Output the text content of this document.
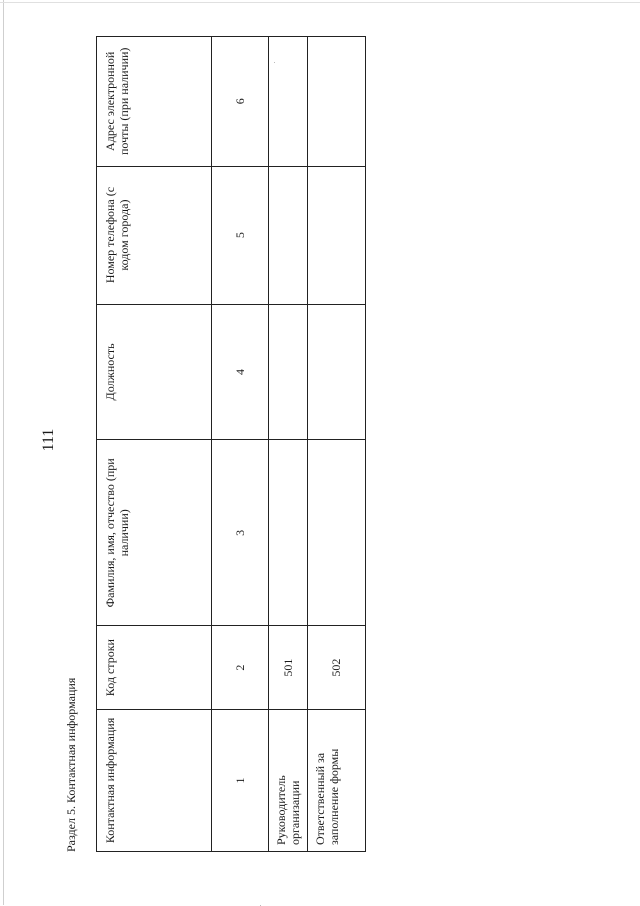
111
Раздел 5. Контактная информация Контактная информация	Код строки	Фамилия, имя, отчество (при наличии)	Должность	Номер телефона (с кодом города)	Адрес электронной почты (при наличии)
1	2	3	4	5	6
Руководитель организации	501				
Ответственный за заполнение формы	502				
